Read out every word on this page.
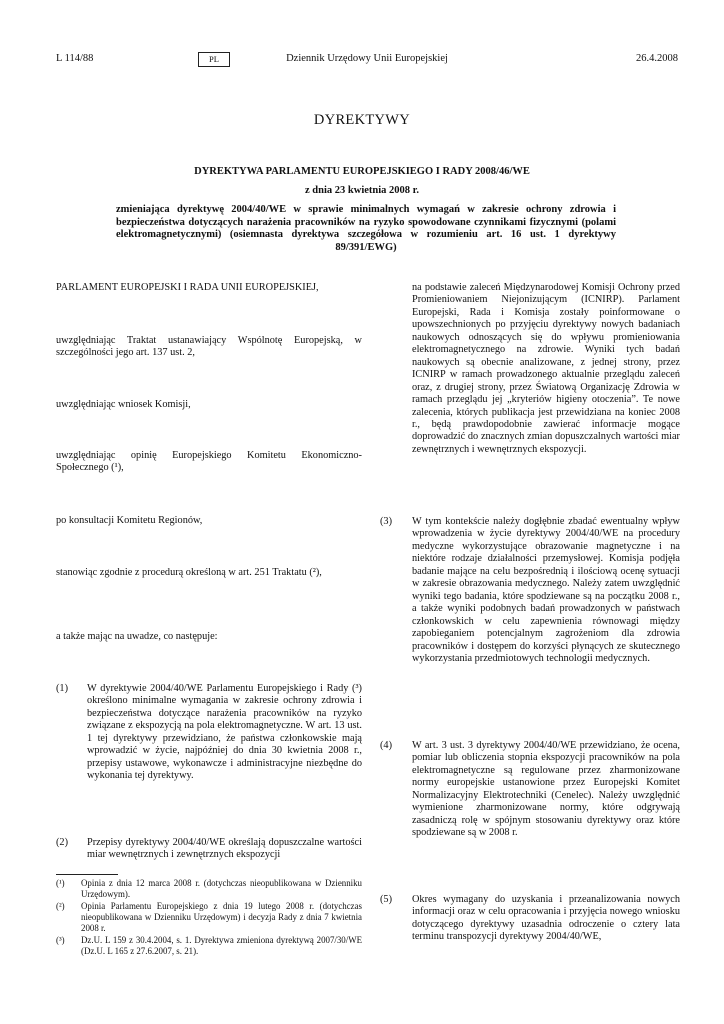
L 114/88	PL	Dziennik Urzędowy Unii Europejskiej	26.4.2008
DYREKTYWY
DYREKTYWA PARLAMENTU EUROPEJSKIEGO I RADY 2008/46/WE
z dnia 23 kwietnia 2008 r.
zmieniająca dyrektywę 2004/40/WE w sprawie minimalnych wymagań w zakresie ochrony zdrowia i bezpieczeństwa dotyczących narażenia pracowników na ryzyko spowodowane czynnikami fizycznymi (polami elektromagnetycznymi) (osiemnasta dyrektywa szczegółowa w rozumieniu art. 16 ust. 1 dyrektywy 89/391/EWG)

PARLAMENT EUROPEJSKI I RADA UNII EUROPEJSKIEJ,

uwzględniając Traktat ustanawiający Wspólnotę Europejską, w szczególności jego art. 137 ust. 2,

uwzględniając wniosek Komisji,

uwzględniając opinię Europejskiego Komitetu Ekonomiczno-Społecznego (¹),

po konsultacji Komitetu Regionów,

stanowiąc zgodnie z procedurą określoną w art. 251 Traktatu (²),

a także mając na uwadze, co następuje:

(1) W dyrektywie 2004/40/WE Parlamentu Europejskiego i Rady (³) określono minimalne wymagania w zakresie ochrony zdrowia i bezpieczeństwa dotyczące narażenia pracowników na ryzyko związane z ekspozycją na pola elektromagnetyczne. W art. 13 ust. 1 tej dyrektywy przewidziano, że państwa członkowskie mają wprowadzić w życie, najpóźniej do dnia 30 kwietnia 2008 r., przepisy ustawowe, wykonawcze i administracyjne niezbędne do wykonania tej dyrektywy.
(2) Przepisy dyrektywy 2004/40/WE określają dopuszczalne wartości miar wewnętrznych i zewnętrznych ekspozycji
(¹) Opinia z dnia 12 marca 2008 r. (dotychczas nieopublikowana w Dzienniku Urzędowym).
(²) Opinia Parlamentu Europejskiego z dnia 19 lutego 2008 r. (dotychczas nieopublikowana w Dzienniku Urzędowym) i decyzja Rady z dnia 7 kwietnia 2008 r.
(³) Dz.U. L 159 z 30.4.2004, s. 1. Dyrektywa zmieniona dyrektywą 2007/30/WE (Dz.U. L 165 z 27.6.2007, s. 21).

na podstawie zaleceń Międzynarodowej Komisji Ochrony przed Promieniowaniem Niejonizującym (ICNIRP). Parlament Europejski, Rada i Komisja zostały poinformowane o upowszechnionych po przyjęciu dyrektywy nowych badaniach naukowych odnoszących się do wpływu promieniowania elektromagnetycznego na zdrowie. Wyniki tych badań naukowych są obecnie analizowane, z jednej strony, przez ICNIRP w ramach prowadzonego aktualnie przeglądu zaleceń oraz, z drugiej strony, przez Światową Organizację Zdrowia w ramach przeglądu jej „kryteriów higieny otoczenia”. Te nowe zalecenia, których publikacja jest przewidziana na koniec 2008 r., będą prawdopodobnie zawierać informacje mogące doprowadzić do znacznych zmian dopuszczalnych wartości miar zewnętrznych i wewnętrznych ekspozycji.

(3) W tym kontekście należy dogłębnie zbadać ewentualny wpływ wprowadzenia w życie dyrektywy 2004/40/WE na procedury medyczne wykorzystujące obrazowanie magnetyczne i na niektóre rodzaje działalności przemysłowej. Komisja podjęła badanie mające na celu bezpośrednią i ilościową ocenę sytuacji w zakresie obrazowania medycznego. Należy zatem uwzględnić wyniki tego badania, które spodziewane są na początku 2008 r., a także wyniki podobnych badań prowadzonych w państwach członkowskich w celu zapewnienia równowagi między zapobieganiem potencjalnym zagrożeniom dla zdrowia pracowników i dostępem do korzyści płynących ze skutecznego wykorzystania przedmiotowych technologii medycznych.
(4) W art. 3 ust. 3 dyrektywy 2004/40/WE przewidziano, że ocena, pomiar lub obliczenia stopnia ekspozycji pracowników na pola elektromagnetyczne są regulowane przez zharmonizowane normy europejskie ustanowione przez Europejski Komitet Normalizacyjny Elektrotechniki (Cenelec). Należy uwzględnić wymienione zharmonizowane normy, które odgrywają zasadniczą rolę w spójnym stosowaniu dyrektywy oraz które spodziewane są w 2008 r.
(5) Okres wymagany do uzyskania i przeanalizowania nowych informacji oraz w celu opracowania i przyjęcia nowego wniosku dotyczącego dyrektywy uzasadnia odroczenie o cztery lata terminu transpozycji dyrektywy 2004/40/WE,
